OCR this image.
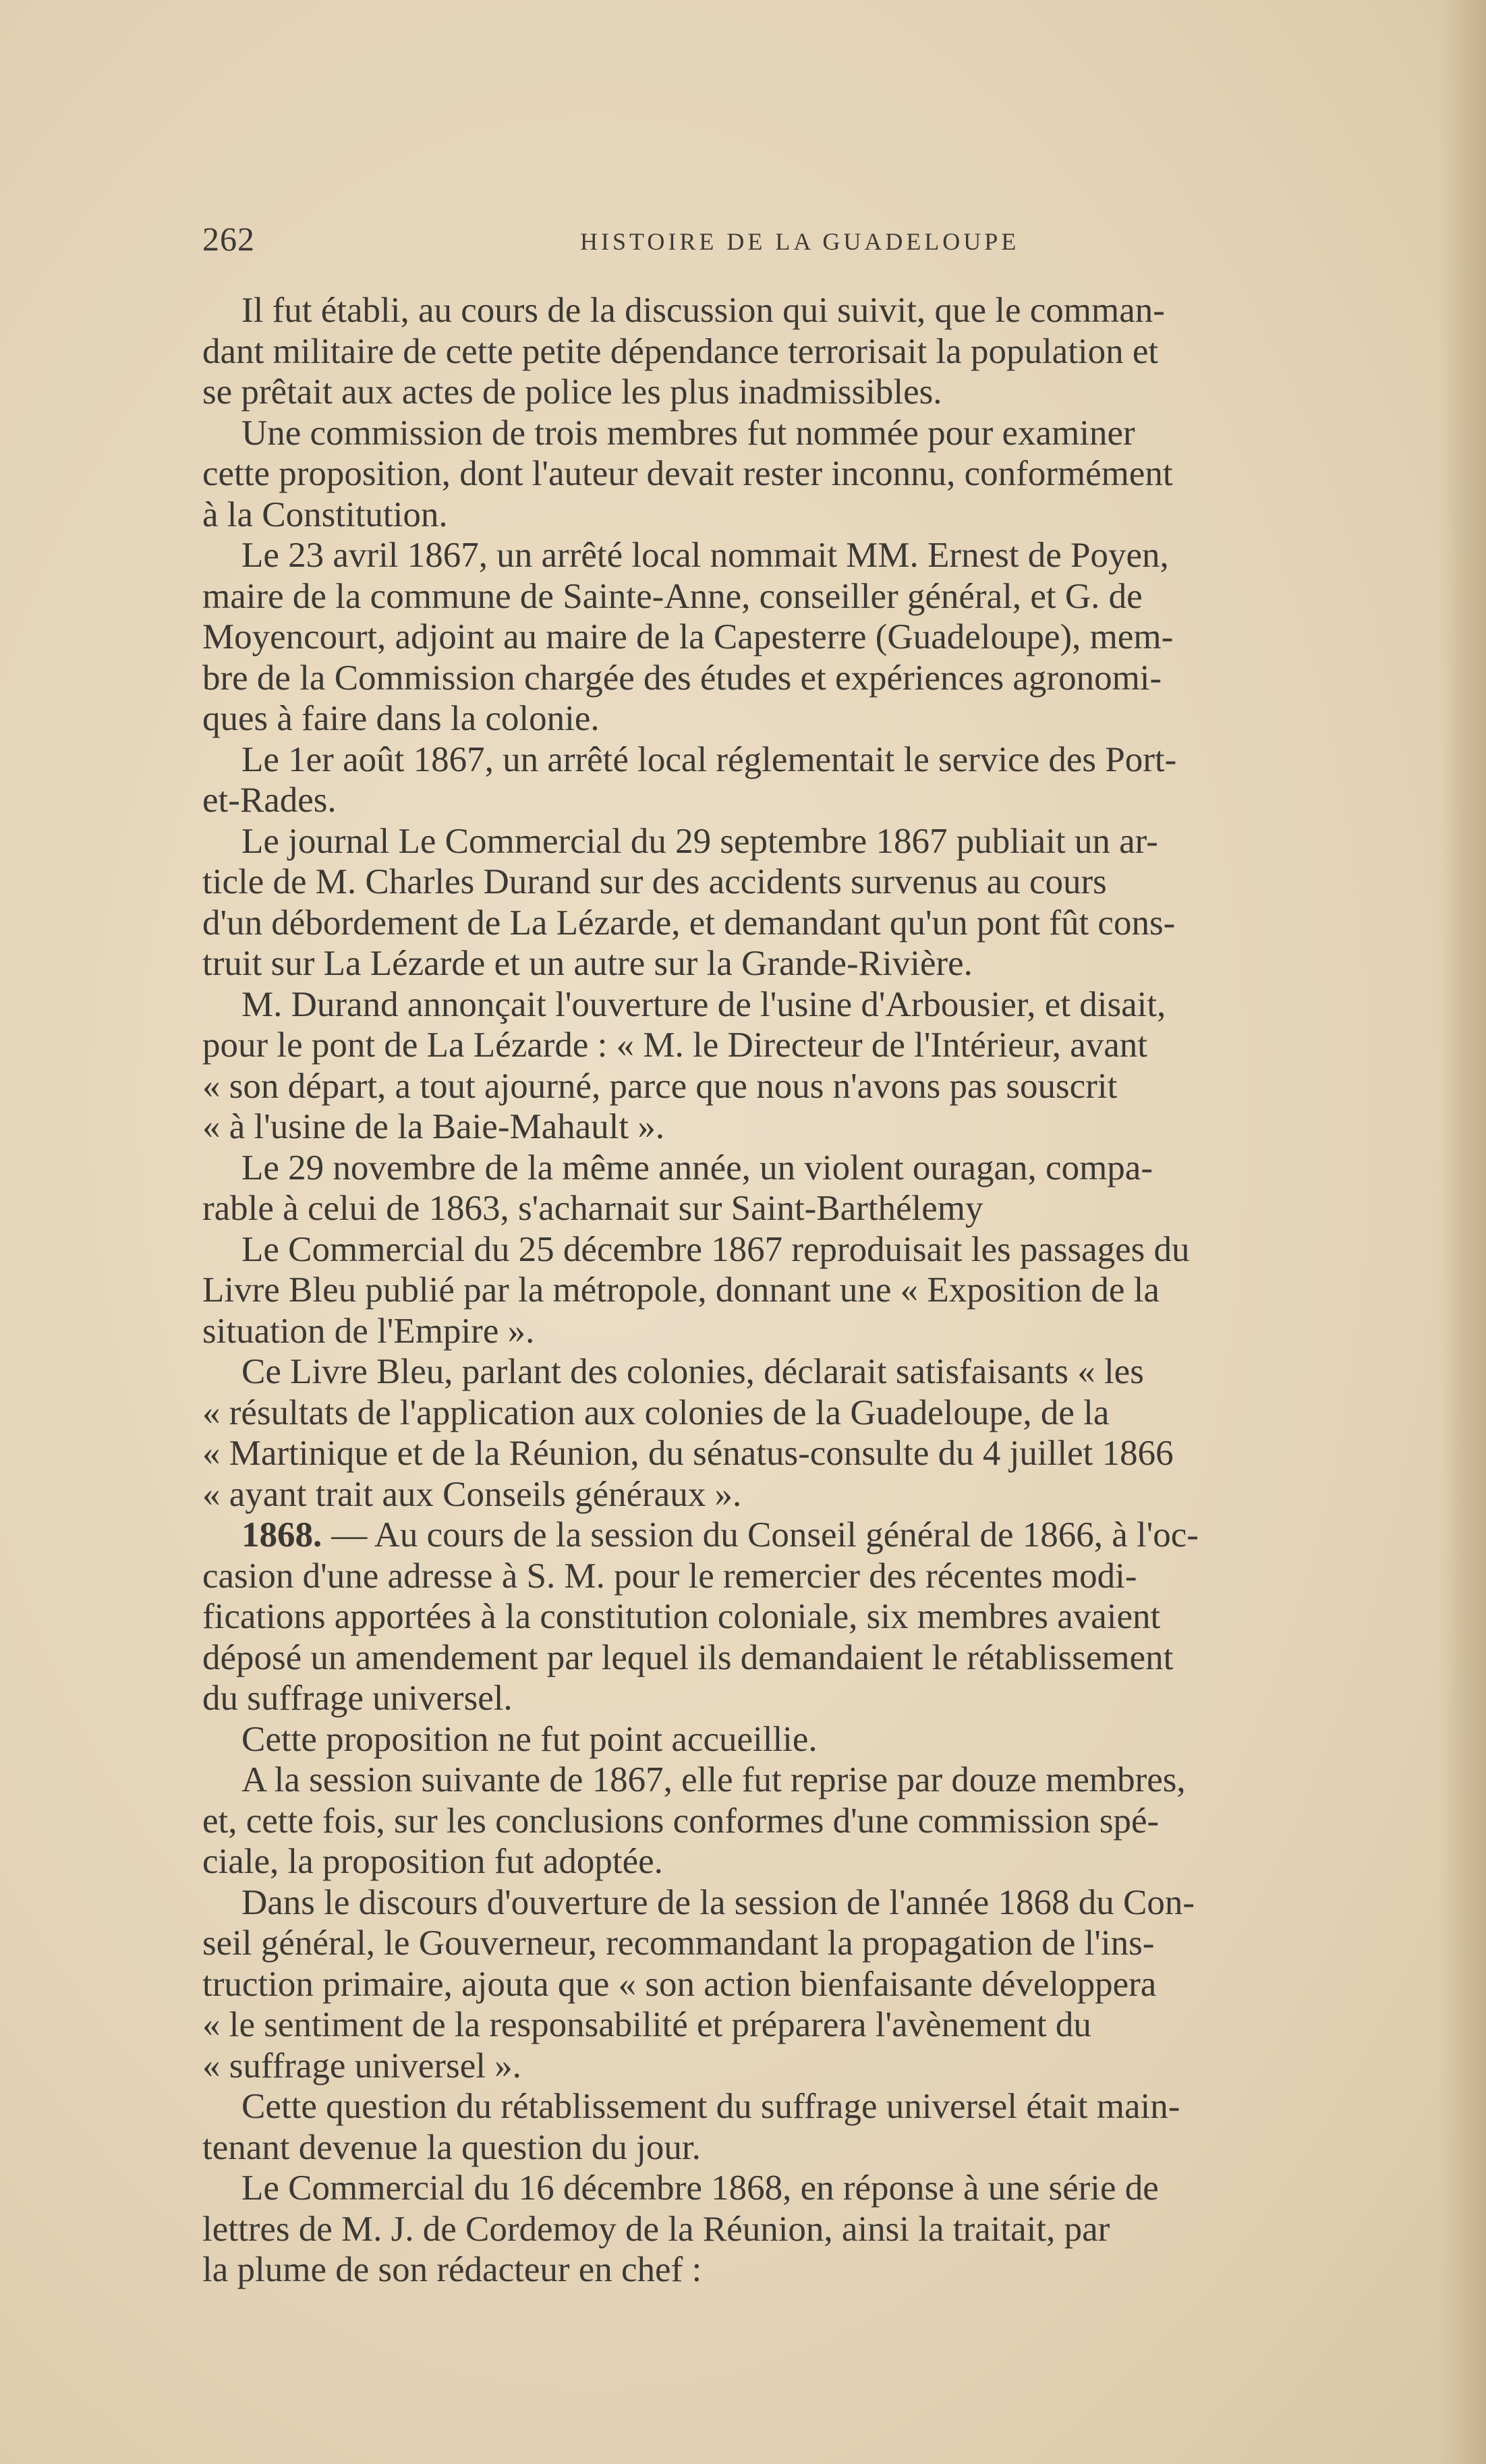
262	HISTOIRE DE LA GUADELOUPE

Il fut établi, au cours de la discussion qui suivit, que le comman-
dant militaire de cette petite dépendance terrorisait la population et
se prêtait aux actes de police les plus inadmissibles.

Une commission de trois membres fut nommée pour examiner
cette proposition, dont l'auteur devait rester inconnu, conformément
à la Constitution.

Le 23 avril 1867, un arrêté local nommait MM. Ernest de Poyen,
maire de la commune de Sainte-Anne, conseiller général, et G. de
Moyencourt, adjoint au maire de la Capesterre (Guadeloupe), mem-
bre de la Commission chargée des études et expériences agronomi-
ques à faire dans la colonie.

Le 1er août 1867, un arrêté local réglementait le service des Port-
et-Rades.

Le journal Le Commercial du 29 septembre 1867 publiait un ar-
ticle de M. Charles Durand sur des accidents survenus au cours
d'un débordement de La Lézarde, et demandant qu'un pont fût cons-
truit sur La Lézarde et un autre sur la Grande-Rivière.

M. Durand annonçait l'ouverture de l'usine d'Arbousier, et disait,
pour le pont de La Lézarde : « M. le Directeur de l'Intérieur, avant
« son départ, a tout ajourné, parce que nous n'avons pas souscrit
« à l'usine de la Baie-Mahault ».

Le 29 novembre de la même année, un violent ouragan, compa-
rable à celui de 1863, s'acharnait sur Saint-Barthélemy

Le Commercial du 25 décembre 1867 reproduisait les passages du
Livre Bleu publié par la métropole, donnant une « Exposition de la
situation de l'Empire ».

Ce Livre Bleu, parlant des colonies, déclarait satisfaisants « les
« résultats de l'application aux colonies de la Guadeloupe, de la
« Martinique et de la Réunion, du sénatus-consulte du 4 juillet 1866
« ayant trait aux Conseils généraux ».

1868. — Au cours de la session du Conseil général de 1866, à l'oc-
casion d'une adresse à S. M. pour le remercier des récentes modi-
fications apportées à la constitution coloniale, six membres avaient
déposé un amendement par lequel ils demandaient le rétablissement
du suffrage universel.

Cette proposition ne fut point accueillie.

A la session suivante de 1867, elle fut reprise par douze membres,
et, cette fois, sur les conclusions conformes d'une commission spé-
ciale, la proposition fut adoptée.

Dans le discours d'ouverture de la session de l'année 1868 du Con-
seil général, le Gouverneur, recommandant la propagation de l'ins-
truction primaire, ajouta que « son action bienfaisante développera
« le sentiment de la responsabilité et préparera l'avènement du
« suffrage universel ».

Cette question du rétablissement du suffrage universel était main-
tenant devenue la question du jour.

Le Commercial du 16 décembre 1868, en réponse à une série de
lettres de M. J. de Cordemoy de la Réunion, ainsi la traitait, par
la plume de son rédacteur en chef :
